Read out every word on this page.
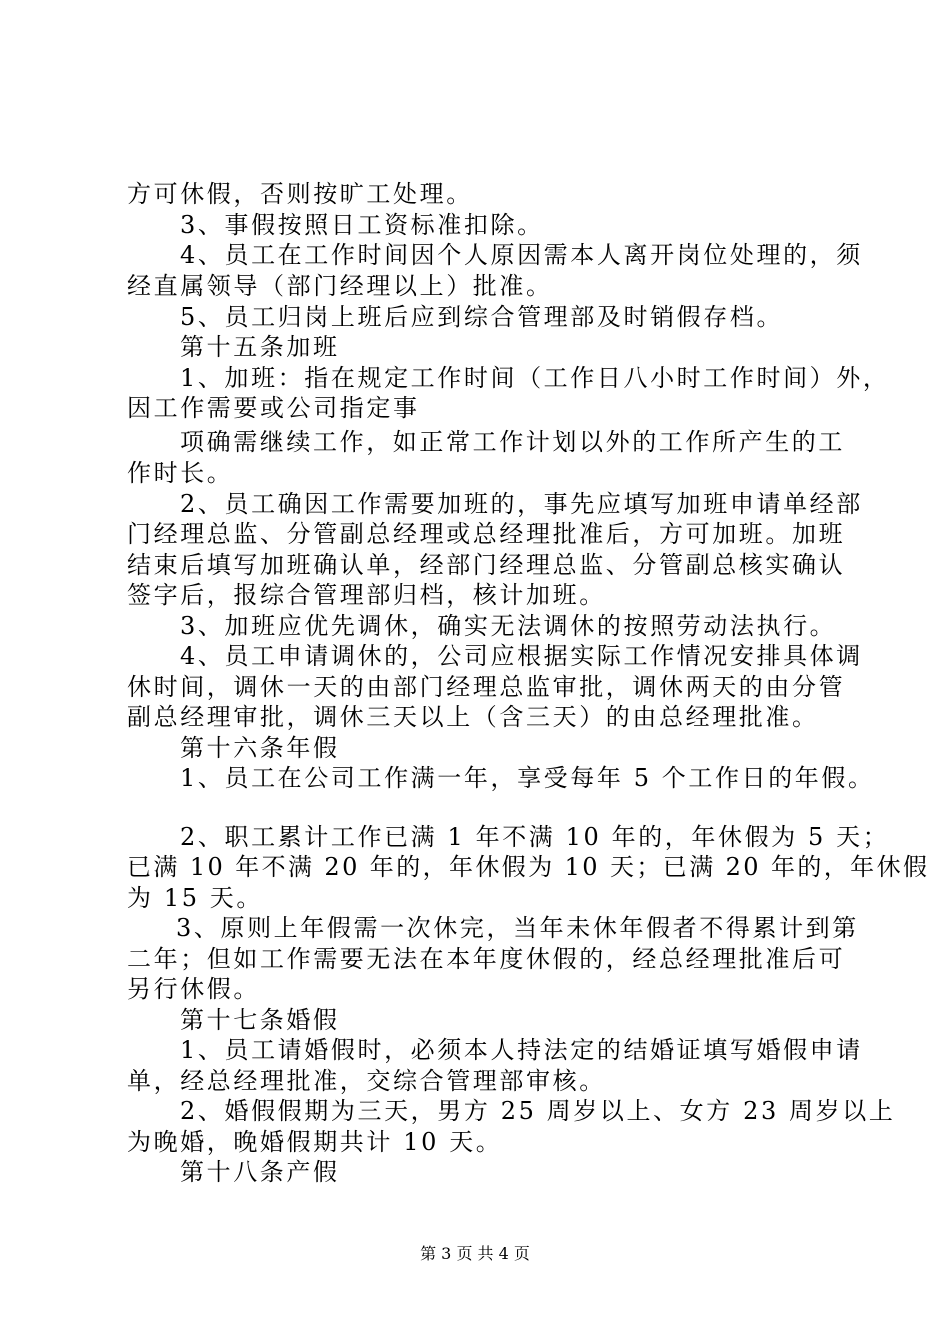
方可休假，否则按旷工处理。
3、事假按照日工资标准扣除。
4、员工在工作时间因个人原因需本人离开岗位处理的，须
经直属领导（部门经理以上）批准。
5、员工归岗上班后应到综合管理部及时销假存档。
第十五条加班
1、加班：指在规定工作时间（工作日八小时工作时间）外，
因工作需要或公司指定事
项确需继续工作，如正常工作计划以外的工作所产生的工
作时长。
2、员工确因工作需要加班的，事先应填写加班申请单经部
门经理总监、分管副总经理或总经理批准后，方可加班。加班
结束后填写加班确认单，经部门经理总监、分管副总核实确认
签字后，报综合管理部归档，核计加班。
3、加班应优先调休，确实无法调休的按照劳动法执行。
4、员工申请调休的，公司应根据实际工作情况安排具体调
休时间，调休一天的由部门经理总监审批，调休两天的由分管
副总经理审批，调休三天以上（含三天）的由总经理批准。
第十六条年假
1、员工在公司工作满一年，享受每年 5 个工作日的年假。
2、职工累计工作已满 1 年不满 10 年的，年休假为 5 天；
已满 10 年不满 20 年的，年休假为 10 天；已满 20 年的，年休假
为 15 天。
3、原则上年假需一次休完，当年未休年假者不得累计到第
二年；但如工作需要无法在本年度休假的，经总经理批准后可
另行休假。
第十七条婚假
1、员工请婚假时，必须本人持法定的结婚证填写婚假申请
单，经总经理批准，交综合管理部审核。
2、婚假假期为三天，男方 25 周岁以上、女方 23 周岁以上
为晚婚，晚婚假期共计 10 天。
第十八条产假
第 3 页 共 4 页
